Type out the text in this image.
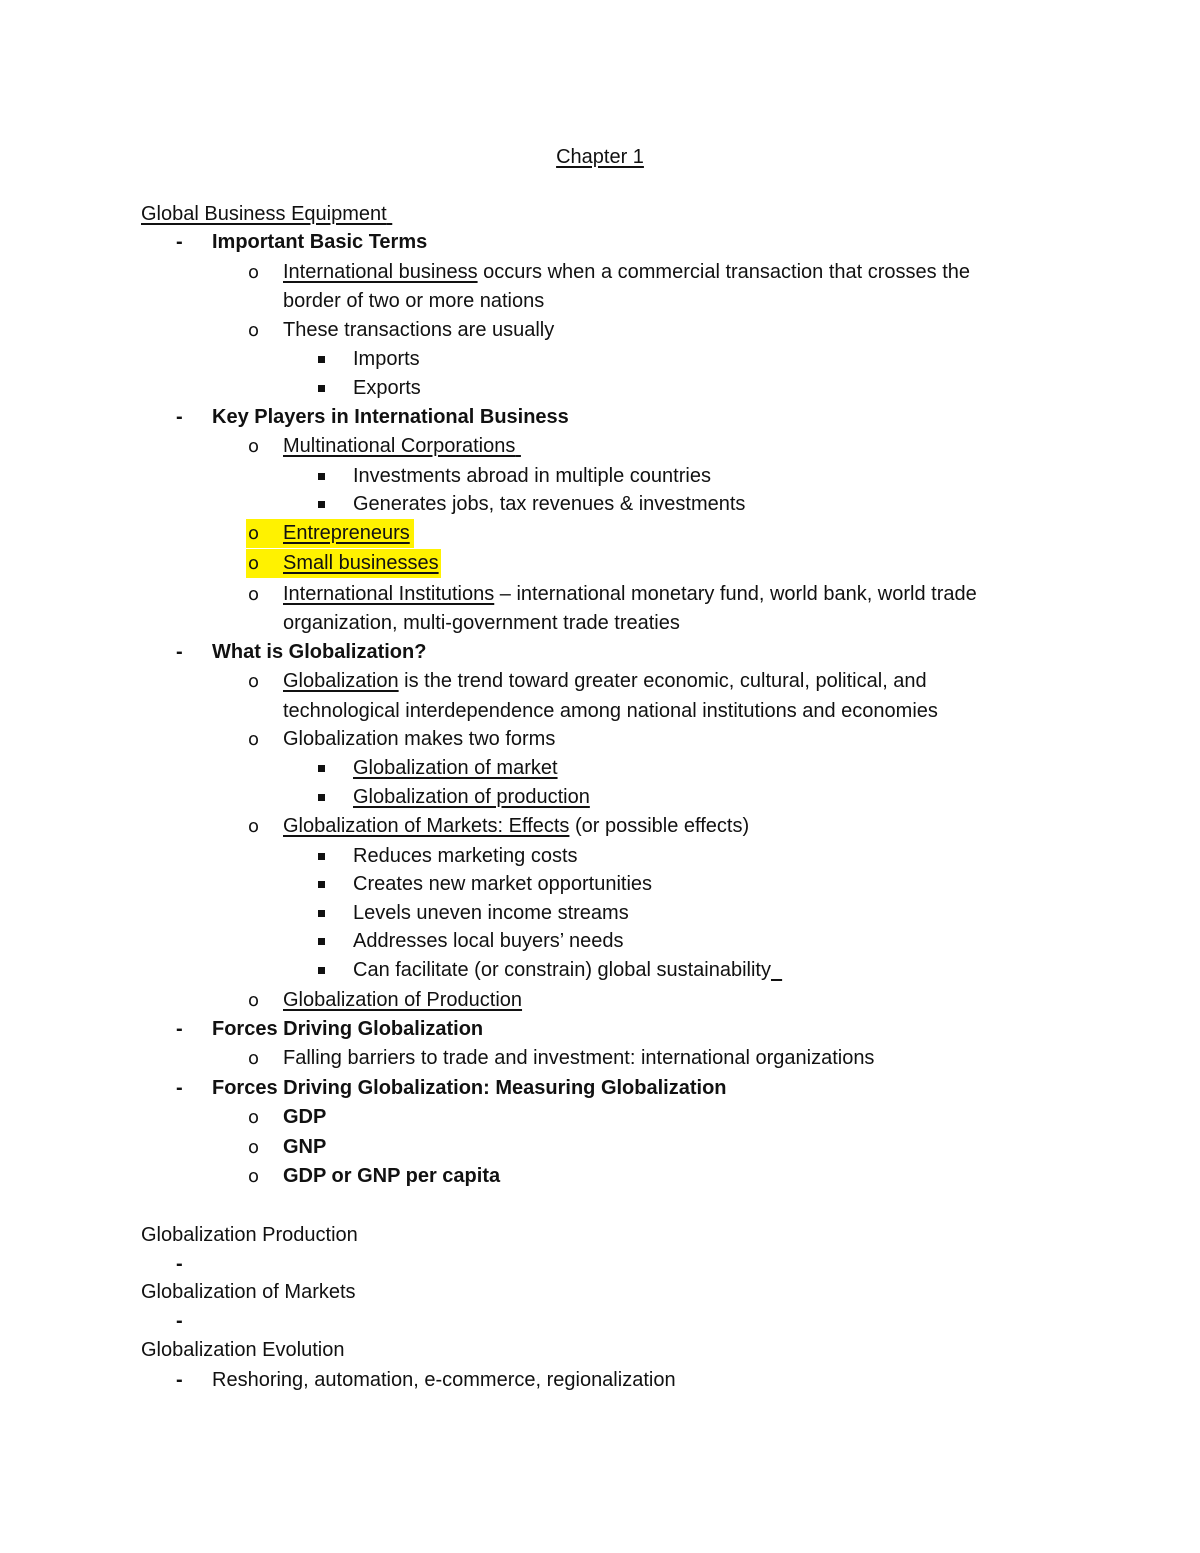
Chapter 1
Global Business Equipment
- Important Basic Terms
o International business occurs when a commercial transaction that crosses the
border of two or more nations
o These transactions are usually
Imports
Exports
- Key Players in International Business
o Multinational Corporations
Investments abroad in multiple countries
Generates jobs, tax revenues & investments
o	Entrepreneurs
o	Small businesses
o International Institutions – international monetary fund, world bank, world trade
organization, multi-government trade treaties
- What is Globalization?
o Globalization is the trend toward greater economic, cultural, political, and
technological interdependence among national institutions and economies
o Globalization makes two forms
Globalization of market
Globalization of production
o Globalization of Markets: Effects (or possible effects)
Reduces marketing costs
Creates new market opportunities
Levels uneven income streams
Addresses local buyers’ needs
Can facilitate (or constrain) global sustainability
o Globalization of Production
- Forces Driving Globalization
o Falling barriers to trade and investment: international organizations
- Forces Driving Globalization: Measuring Globalization
o GDP
o GNP
o GDP or GNP per capita
Globalization Production
-
Globalization of Markets
-
Globalization Evolution
- Reshoring, automation, e-commerce, regionalization
